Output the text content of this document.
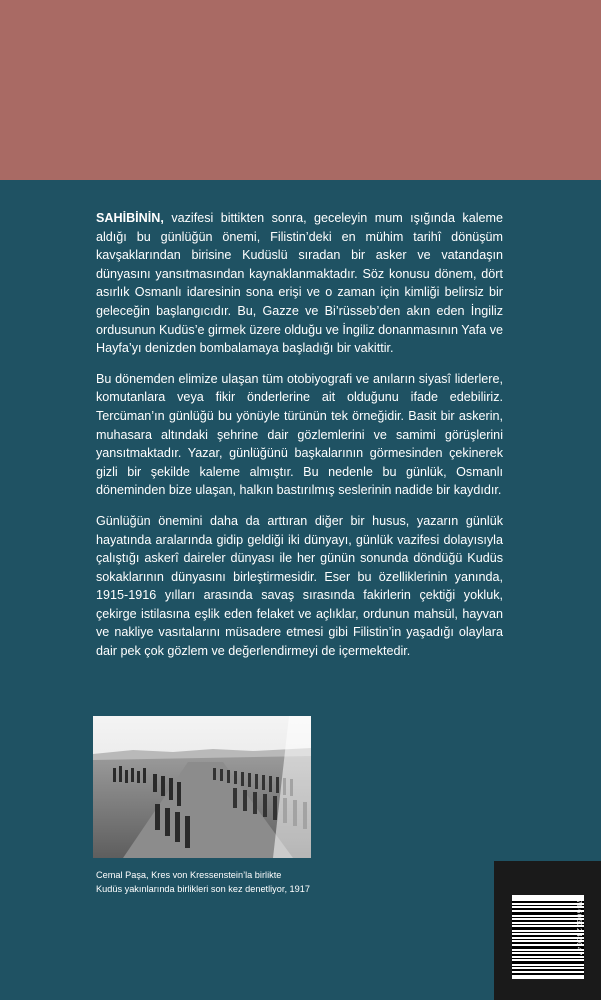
SAHİBİNİN, vazifesi bittikten sonra, geceleyin mum ışığında kaleme aldığı bu günlüğün önemi, Filistin’deki en mühim tarihî dönüşüm kavşaklarından birisine Kudüslü sıradan bir asker ve vatandaşın dünyasını yansıtmasından kaynaklanmaktadır. Söz konusu dönem, dört asırlık Osmanlı idaresinin sona erişi ve o zaman için kimliği belirsiz bir geleceğin başlangıcıdır. Bu, Gazze ve Bi’rüsseb’den akın eden İngiliz ordusunun Kudüs’e girmek üzere olduğu ve İngiliz donanmasının Yafa ve Hayfa’yı denizden bombalamaya başladığı bir vakittir.

Bu dönemden elimize ulaşan tüm otobiyografi ve anıların siyasî liderlere, komutanlara veya fikir önderlerine ait olduğunu ifade edebiliriz. Tercüman’ın günlüğü bu yönüyle türünün tek örneğidir. Basit bir askerin, muhasara altındaki şehrine dair gözlemlerini ve samimi görüşlerini yansıtmaktadır. Yazar, günlüğünü başkalarının görmesinden çekinerek gizli bir şekilde kaleme almıştır. Bu nedenle bu günlük, Osmanlı döneminden bize ulaşan, halkın bastırılmış seslerinin nadide bir kaydıdır.

Günlüğün önemini daha da arttıran diğer bir husus, yazarın günlük hayatında aralarında gidip geldiği iki dünyayı, günlük vazifesi dolayısıyla çalıştığı askerî daireler dünyası ile her günün sonunda döndüğü Kudüs sokaklarının dünyasını birleştirmesidir. Eser bu özelliklerinin yanında, 1915-1916 yılları arasında savaş sırasında fakirlerin çektiği yokluk, çekirge istilasına eşlik eden felaket ve açlıklar, ordunun mahsül, hayvan ve nakliye vasıtalarını müsadere etmesi gibi Filistin’in yaşadığı olaylara dair pek çok gözlem ve değerlendirmeyi de içermektedir.

Cemal Paşa, Kres von Kressenstein’la birlikte
Kudüs yakınlarında birlikleri son kez denetliyor, 1917
9786053245047
